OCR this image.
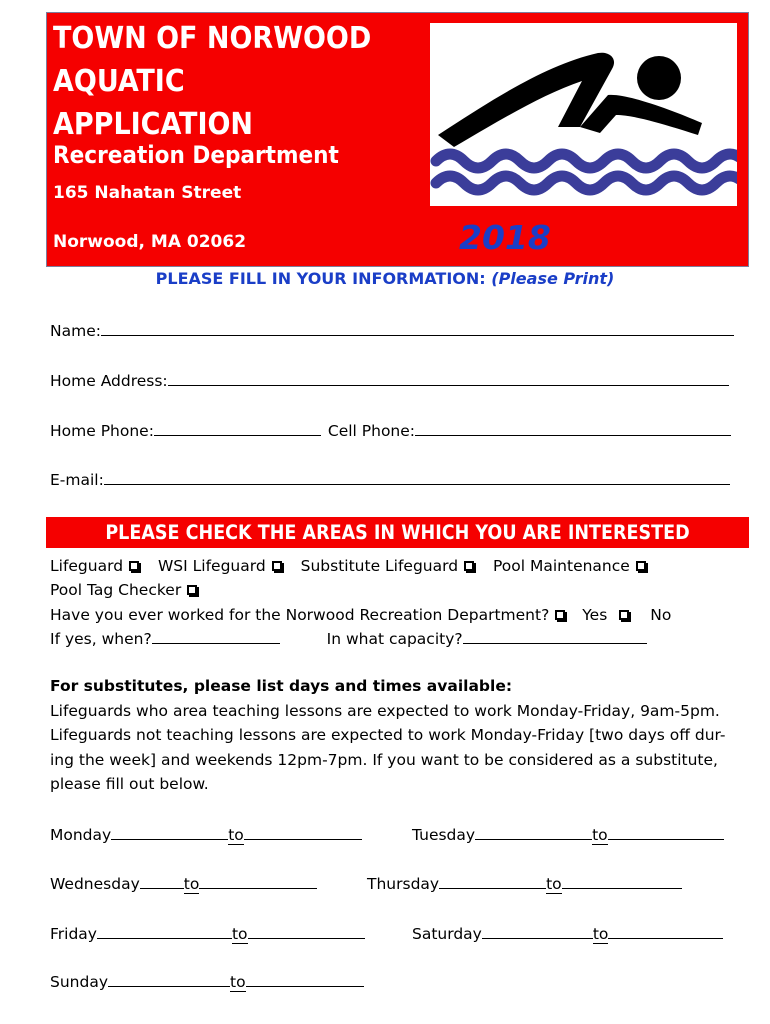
TOWN OF NORWOOD
AQUATIC
APPLICATION
Recreation Department
165 Nahatan Street
Norwood, MA 02062	2018
PLEASE FILL IN YOUR INFORMATION: (Please Print)
Name:
Home Address:
Home Phone:	Cell Phone:
E-mail:
PLEASE CHECK THE AREAS IN WHICH YOU ARE INTERESTED
Lifeguard WSI Lifeguard Substitute Lifeguard Pool Maintenance
Pool Tag Checker
Have you ever worked for the Norwood Recreation Department? Yes	No
If yes, when?	In what capacity?
For substitutes, please list days and times available:
Lifeguards who area teaching lessons are expected to work Monday-Friday, 9am-5pm. Lifeguards not teaching lessons are expected to work Monday-Friday [two days off dur-ing the week] and weekends 12pm-7pm. If you want to be considered as a substitute, please fill out below.
Monday	to	Tuesday	to
Wednesday	to	Thursday	to
Friday	to	Saturday	to
Sunday	to
